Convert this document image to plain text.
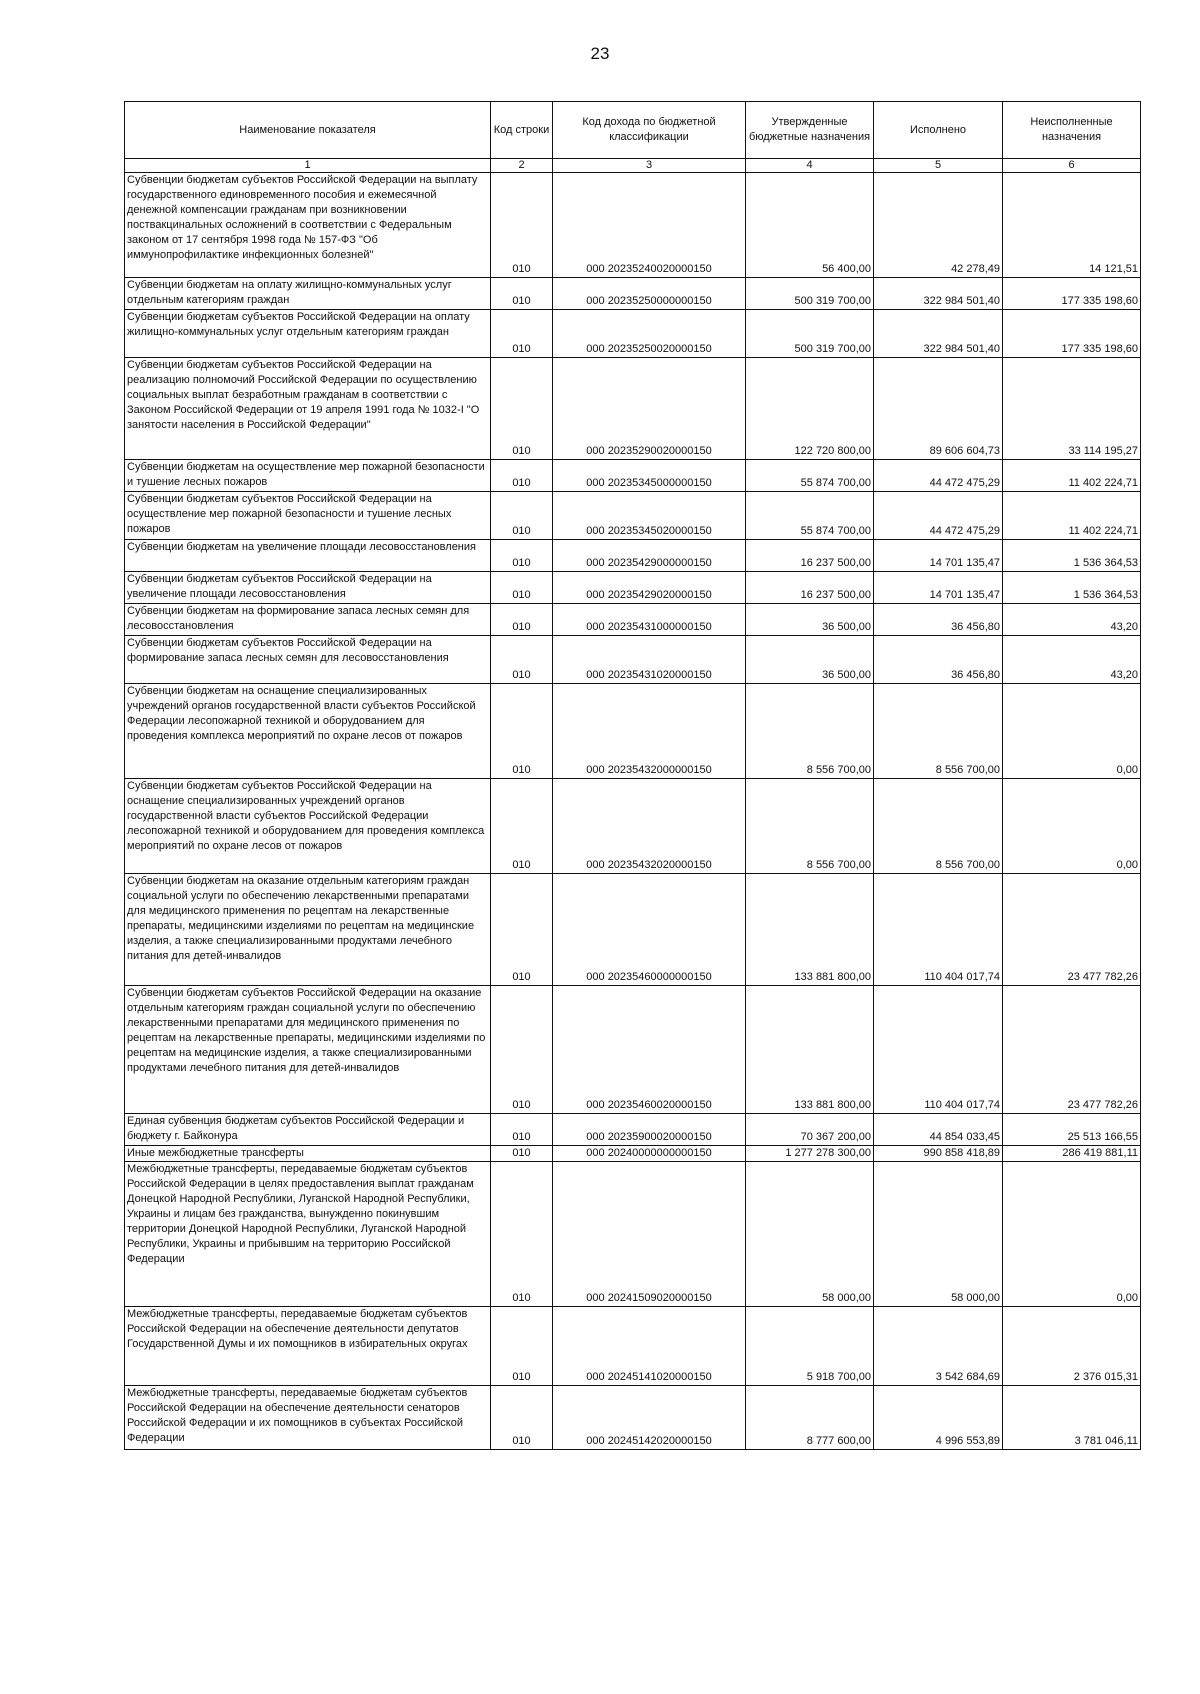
23
Наименование показателя	Код строки	Код дохода по бюджетной классификации	Утвержденные бюджетные назначения	Исполнено	Неисполненные назначения
1	2	3	4	5	6
Субвенции бюджетам субъектов Российской Федерации на выплату государственного единовременного пособия и ежемесячной денежной компенсации гражданам при возникновении поствакцинальных осложнений в соответствии с Федеральным законом от 17 сентября 1998 года № 157-ФЗ "Об иммунопрофилактике инфекционных болезней"	010	000 20235240020000150	56 400,00	42 278,49	14 121,51
Субвенции бюджетам на оплату жилищно-коммунальных услуг отдельным категориям граждан	010	000 20235250000000150	500 319 700,00	322 984 501,40	177 335 198,60
Субвенции бюджетам субъектов Российской Федерации на оплату жилищно-коммунальных услуг отдельным категориям граждан	010	000 20235250020000150	500 319 700,00	322 984 501,40	177 335 198,60
Субвенции бюджетам субъектов Российской Федерации на реализацию полномочий Российской Федерации по осуществлению социальных выплат безработным гражданам в соответствии с Законом Российской Федерации от 19 апреля 1991 года № 1032-I "О занятости населения в Российской Федерации"	010	000 20235290020000150	122 720 800,00	89 606 604,73	33 114 195,27
Субвенции бюджетам на осуществление мер пожарной безопасности и тушение лесных пожаров	010	000 20235345000000150	55 874 700,00	44 472 475,29	11 402 224,71
Субвенции бюджетам субъектов Российской Федерации на осуществление мер пожарной безопасности и тушение лесных пожаров	010	000 20235345020000150	55 874 700,00	44 472 475,29	11 402 224,71
Субвенции бюджетам на увеличение площади лесовосстановления	010	000 20235429000000150	16 237 500,00	14 701 135,47	1 536 364,53
Субвенции бюджетам субъектов Российской Федерации на увеличение площади лесовосстановления	010	000 20235429020000150	16 237 500,00	14 701 135,47	1 536 364,53
Субвенции бюджетам на формирование запаса лесных семян для лесовосстановления	010	000 20235431000000150	36 500,00	36 456,80	43,20
Субвенции бюджетам субъектов Российской Федерации на формирование запаса лесных семян для лесовосстановления	010	000 20235431020000150	36 500,00	36 456,80	43,20
Субвенции бюджетам на оснащение специализированных учреждений органов государственной власти субъектов Российской Федерации лесопожарной техникой и оборудованием для проведения комплекса мероприятий по охране лесов от пожаров	010	000 20235432000000150	8 556 700,00	8 556 700,00	0,00
Субвенции бюджетам субъектов Российской Федерации на оснащение специализированных учреждений органов государственной власти субъектов Российской Федерации лесопожарной техникой и оборудованием для проведения комплекса мероприятий по охране лесов от пожаров	010	000 20235432020000150	8 556 700,00	8 556 700,00	0,00
Субвенции бюджетам на оказание отдельным категориям граждан социальной услуги по обеспечению лекарственными препаратами для медицинского применения по рецептам на лекарственные препараты, медицинскими изделиями по рецептам на медицинские изделия, а также специализированными продуктами лечебного питания для детей-инвалидов	010	000 20235460000000150	133 881 800,00	110 404 017,74	23 477 782,26
Субвенции бюджетам субъектов Российской Федерации на оказание отдельным категориям граждан социальной услуги по обеспечению лекарственными препаратами для медицинского применения по рецептам на лекарственные препараты, медицинскими изделиями по рецептам на медицинские изделия, а также специализированными продуктами лечебного питания для детей-инвалидов	010	000 20235460020000150	133 881 800,00	110 404 017,74	23 477 782,26
Единая субвенция бюджетам субъектов Российской Федерации и бюджету г. Байконура	010	000 20235900020000150	70 367 200,00	44 854 033,45	25 513 166,55
Иные межбюджетные трансферты	010	000 20240000000000150	1 277 278 300,00	990 858 418,89	286 419 881,11
Межбюджетные трансферты, передаваемые бюджетам субъектов Российской Федерации в целях предоставления выплат гражданам Донецкой Народной Республики, Луганской Народной Республики, Украины и лицам без гражданства, вынужденно покинувшим территории Донецкой Народной Республики, Луганской Народной Республики, Украины и прибывшим на территорию Российской Федерации	010	000 20241509020000150	58 000,00	58 000,00	0,00
Межбюджетные трансферты, передаваемые бюджетам субъектов Российской Федерации на обеспечение деятельности депутатов Государственной Думы и их помощников в избирательных округах	010	000 20245141020000150	5 918 700,00	3 542 684,69	2 376 015,31
Межбюджетные трансферты, передаваемые бюджетам субъектов Российской Федерации на обеспечение деятельности сенаторов Российской Федерации и их помощников в субъектах Российской Федерации	010	000 20245142020000150	8 777 600,00	4 996 553,89	3 781 046,11
